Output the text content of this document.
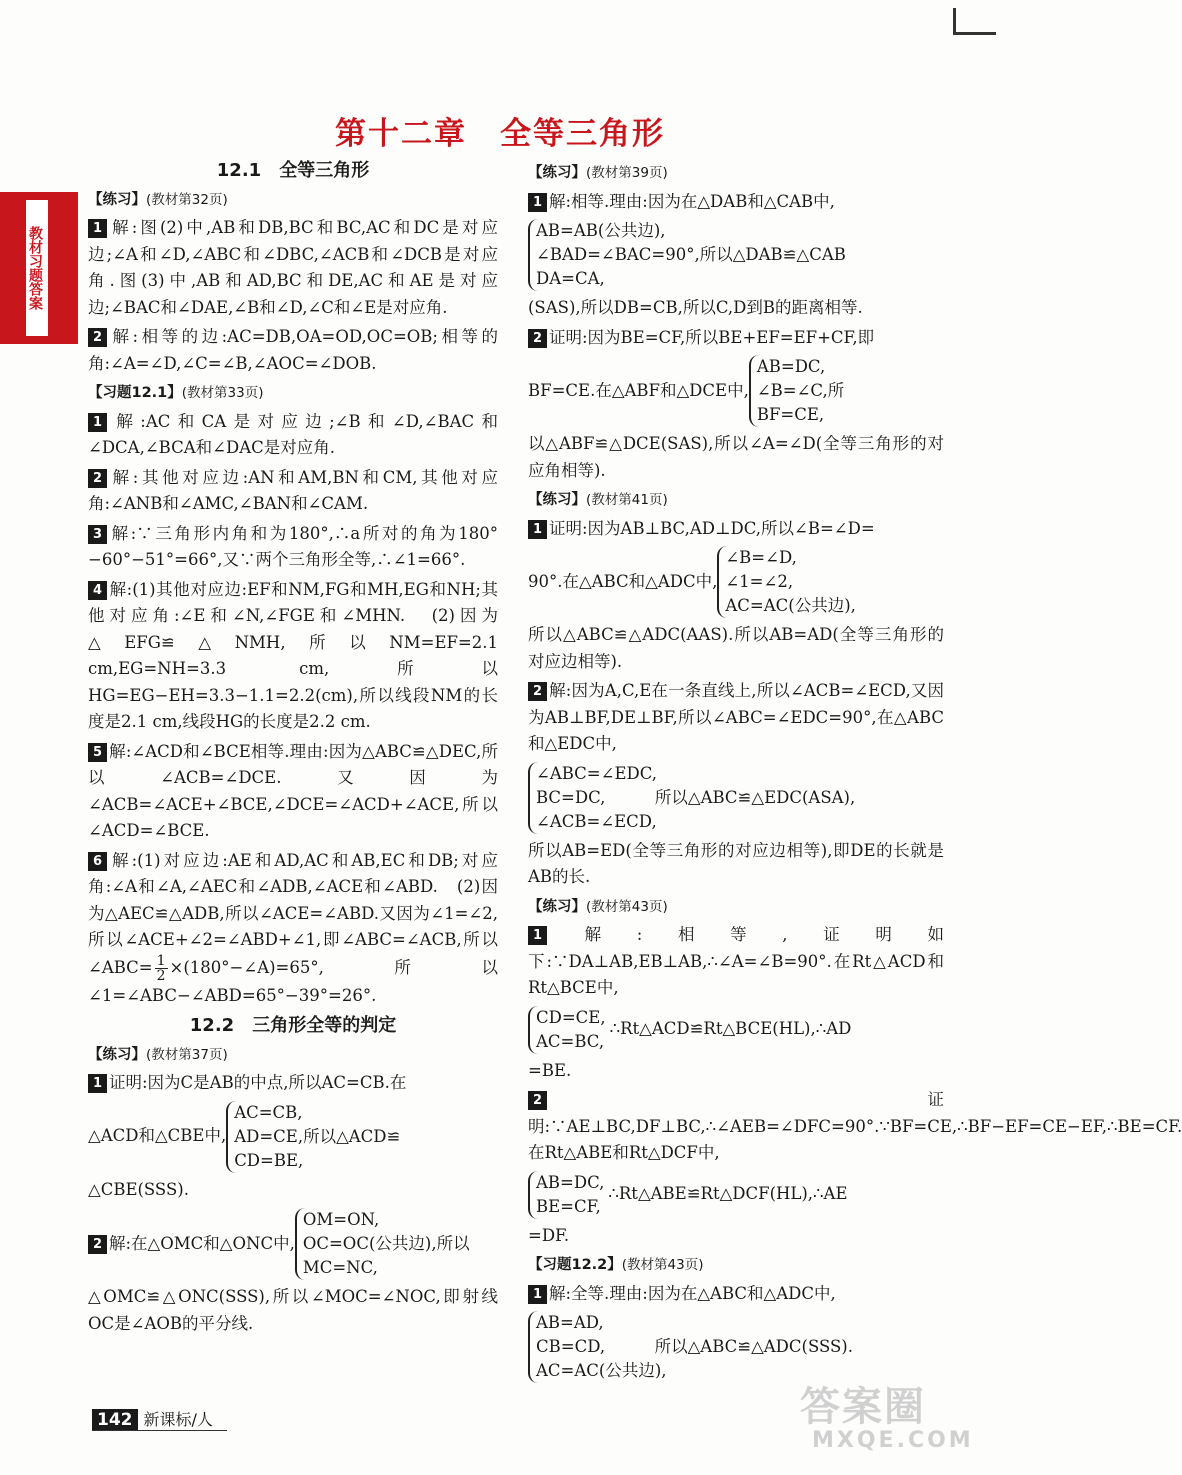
第十二章　全等三角形
教材习题答案
12.1　全等三角形
【练习】(教材第32页)
1 解:图(2)中,AB和DB,BC和BC,AC和DC是对应边;∠A和∠D,∠ABC和∠DBC,∠ACB和∠DCB是对应角.图(3)中,AB和AD,BC和DE,AC和AE是对应边;∠BAC和∠DAE,∠B和∠D,∠C和∠E是对应角.
2 解:相等的边:AC=DB,OA=OD,OC=OB;相等的角:∠A=∠D,∠C=∠B,∠AOC=∠DOB.
【习题12.1】(教材第33页)
1 解:AC和CA是对应边;∠B和∠D,∠BAC和∠DCA,∠BCA和∠DAC是对应角.
2 解:其他对应边:AN和AM,BN和CM,其他对应角:∠ANB和∠AMC,∠BAN和∠CAM.
3 解:∵三角形内角和为180°,∴a所对的角为180°−60°−51°=66°,又∵两个三角形全等,∴∠1=66°.
4 解:(1)其他对应边:EF和NM,FG和MH,EG和NH;其他对应角:∠E和∠N,∠FGE和∠MHN.　(2)因为△EFG≌△NMH,所以NM=EF=2.1 cm,EG=NH=3.3 cm,所以HG=EG−EH=3.3−1.1=2.2(cm),所以线段NM的长度是2.1 cm,线段HG的长度是2.2 cm.
5 解:∠ACD和∠BCE相等.理由:因为△ABC≌△DEC,所以∠ACB=∠DCE.又因为∠ACB=∠ACE+∠BCE,∠DCE=∠ACD+∠ACE,所以∠ACD=∠BCE.
6 解:(1)对应边:AE和AD,AC和AB,EC和DB;对应角:∠A和∠A,∠AEC和∠ADB,∠ACE和∠ABD.　(2)因为△AEC≌△ADB,所以∠ACE=∠ABD.又因为∠1=∠2,所以∠ACE+∠2=∠ABD+∠1,即∠ABC=∠ACB,所以∠ABC= $\frac{1}{2}$ ×(180°−∠A)=65°,所以∠1=∠ABC−∠ABD=65°−39°=26°.
12.2　三角形全等的判定
【练习】(教材第37页)
1 证明:因为C是AB的中点,所以AC=CB.在
△ACD和△CBE中,
AC=CB,
AD=CE,所以△ACD≌
CD=BE,
△CBE(SSS).
2 解:在△OMC和△ONC中,
OM=ON,
OC=OC(公共边),所以
MC=NC,
△OMC≌△ONC(SSS),所以∠MOC=∠NOC,即射线OC是∠AOB的平分线.
【练习】(教材第39页)
1 解:相等.理由:因为在△DAB和△CAB中,
AB=AB(公共边),
∠BAD=∠BAC=90°,所以△DAB≌△CAB
DA=CA,
(SAS),所以DB=CB,所以C,D到B的距离相等.
2 证明:因为BE=CF,所以BE+EF=EF+CF,即
BF=CE.在△ABF和△DCE中,
AB=DC,
∠B=∠C,所
BF=CE,
以△ABF≌△DCE(SAS),所以∠A=∠D(全等三角形的对应角相等).
【练习】(教材第41页)
1 证明:因为AB⊥BC,AD⊥DC,所以∠B=∠D=
90°.在△ABC和△ADC中,
∠B=∠D,
∠1=∠2,
AC=AC(公共边),
所以△ABC≌△ADC(AAS).所以AB=AD(全等三角形的对应边相等).
2 解:因为A,C,E在一条直线上,所以∠ACB=∠ECD,又因为AB⊥BF,DE⊥BF,所以∠ABC=∠EDC=90°,在△ABC和△EDC中,
∠ABC=∠EDC,
BC=DC,　　　所以△ABC≌△EDC(ASA),
∠ACB=∠ECD,
所以AB=ED(全等三角形的对应边相等),即DE的长就是AB的长.
【练习】(教材第43页)
1 解:相等,证明如下:∵DA⊥AB,EB⊥AB,∴∠A=∠B=90°.在Rt△ACD和Rt△BCE中,
CD=CE,
AC=BC,
∴Rt△ACD≌Rt△BCE(HL),∴AD
=BE.
2 证明:∵AE⊥BC,DF⊥BC,∴∠AEB=∠DFC=90°.∵BF=CE,∴BF−EF=CE−EF,∴BE=CF.在Rt△ABE和Rt△DCF中,
AB=DC,
BE=CF,
∴Rt△ABE≌Rt△DCF(HL),∴AE
=DF.
【习题12.2】(教材第43页)
1 解:全等.理由:因为在△ABC和△ADC中,
AB=AD,
CB=CD,　　　所以△ABC≌△ADC(SSS).
AC=AC(公共边),
142 新课标/人	答案圈
MXQE.COM
